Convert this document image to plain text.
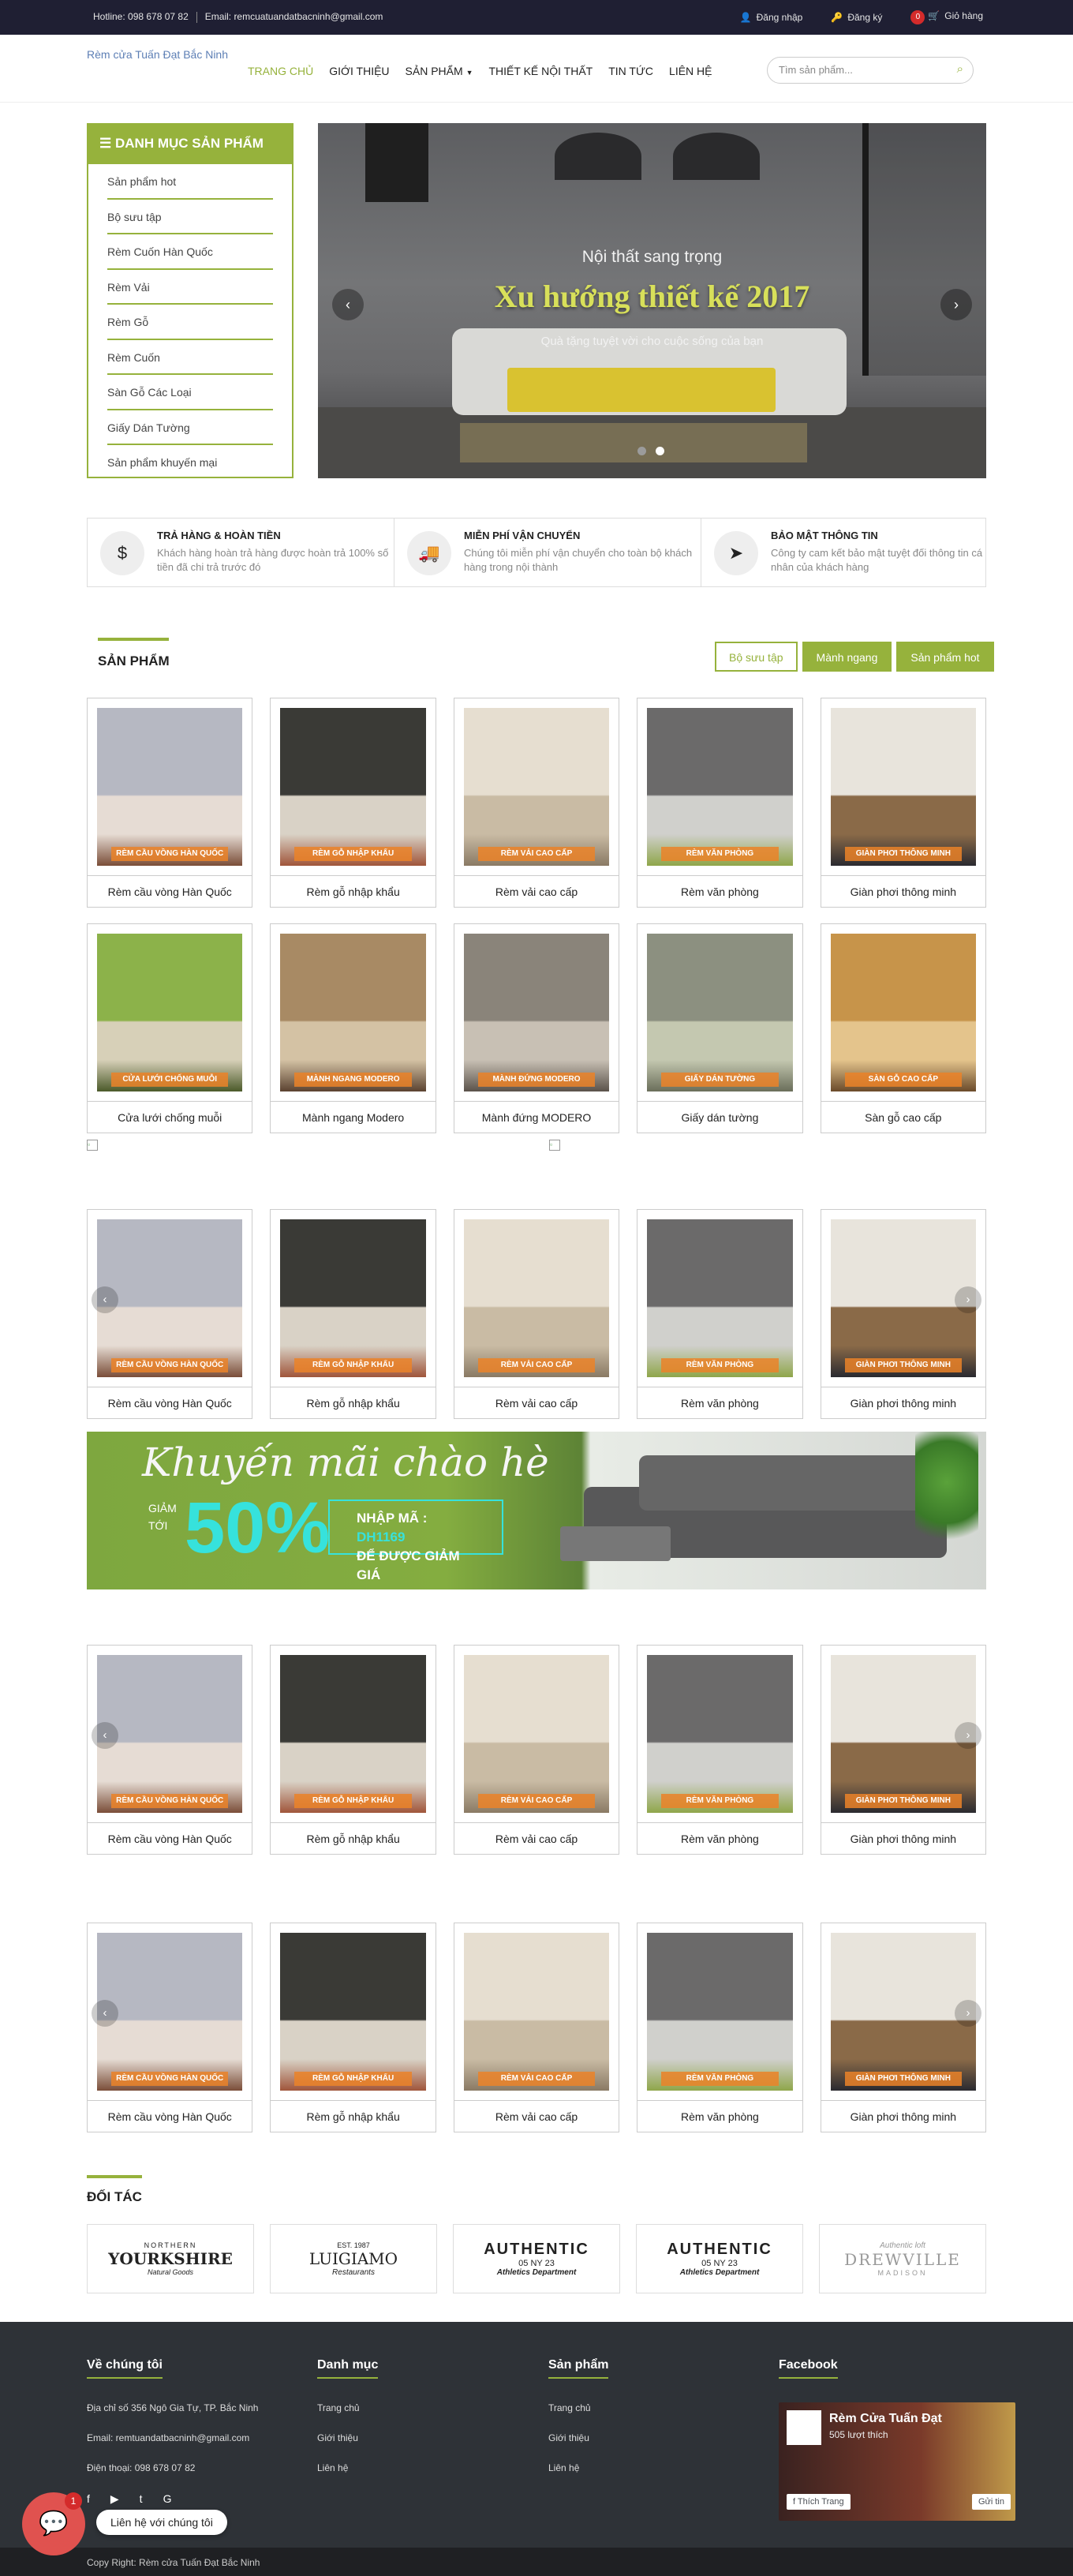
Hotline: 098 678 07 82 Email: remcuatuandatbacninh@gmail.com	👤 Đăng nhập	🔑 Đăng ký	0 🛒 Giỏ hàng
Rèm cửa Tuấn Đạt Bắc Ninh
TRANG CHỦ GIỚI THIỆU SẢN PHẨM ▼ THIẾT KẾ NỘI THẤT TIN TỨC LIÊN HỆ	Tìm sản phẩm...	⌕
☰ DANH MỤC SẢN PHẨM
Sản phẩm hot
Bộ sưu tập
Rèm Cuốn Hàn Quốc
Rèm Vải
Rèm Gỗ
Rèm Cuốn
Sàn Gỗ Các Loại
Giấy Dán Tường
Sản phẩm khuyến mại
Nội thất sang trọng
Xu hướng thiết kế 2017
Quà tặng tuyệt vời cho cuộc sống của bạn
‹	›
$
TRẢ HÀNG & HOÀN TIỀN
Khách hàng hoàn trả hàng được hoàn trả 100% số tiền đã chi trả trước đó
🚚
MIỄN PHÍ VẬN CHUYỂN
Chúng tôi miễn phí vận chuyển cho toàn bộ khách hàng trong nội thành
➤
BẢO MẬT THÔNG TIN
Công ty cam kết bảo mật tuyệt đối thông tin cá nhân của khách hàng
SẢN PHẨM	Bộ sưu tập	Mành ngang	Sản phẩm hot
RÈM CẦU VỒNG HÀN QUỐC
Rèm cầu vòng Hàn Quốc
RÈM GỖ NHẬP KHẨU
Rèm gỗ nhập khẩu
RÈM VẢI CAO CẤP
Rèm vải cao cấp
RÈM VĂN PHÒNG
Rèm văn phòng
GIÀN PHƠI THÔNG MINH
Giàn phơi thông minh
CỬA LƯỚI CHỐNG MUỖI
Cửa lưới chống muỗi
MÀNH NGANG MODERO
Mành ngang Modero
MÀNH ĐỨNG MODERO
Mành đứng MODERO
GIẤY DÁN TƯỜNG
Giấy dán tường
SÀN GỖ CAO CẤP
Sàn gỗ cao cấp
RÈM CẦU VỒNG HÀN QUỐC
Rèm cầu vòng Hàn Quốc
RÈM GỖ NHẬP KHẨU
Rèm gỗ nhập khẩu
RÈM VẢI CAO CẤP
Rèm vải cao cấp
RÈM VĂN PHÒNG
Rèm văn phòng
GIÀN PHƠI THÔNG MINH
Giàn phơi thông minh
‹	›
RÈM CẦU VỒNG HÀN QUỐC
Rèm cầu vòng Hàn Quốc
RÈM GỖ NHẬP KHẨU
Rèm gỗ nhập khẩu
RÈM VẢI CAO CẤP
Rèm vải cao cấp
RÈM VĂN PHÒNG
Rèm văn phòng
GIÀN PHƠI THÔNG MINH
Giàn phơi thông minh
‹	›
RÈM CẦU VỒNG HÀN QUỐC
Rèm cầu vòng Hàn Quốc
RÈM GỖ NHẬP KHẨU
Rèm gỗ nhập khẩu
RÈM VẢI CAO CẤP
Rèm vải cao cấp
RÈM VĂN PHÒNG
Rèm văn phòng
GIÀN PHƠI THÔNG MINH
Giàn phơi thông minh
‹	›
▫	▫
Khuyến mãi chào hè
GIẢM
TỚI 50%	NHẬP MÃ : DH1169
ĐỂ ĐƯỢC GIẢM GIÁ
ĐỐI TÁC
NORTHERN
YOURKSHIRE
Natural Goods
EST. 1987
LUIGIAMO
Restaurants
AUTHENTIC
05 NY 23
Athletics Department
AUTHENTIC
05 NY 23
Athletics Department
Authentic loft
DREWVILLE
MADISON
Về chúng tôi
Địa chỉ số 356 Ngô Gia Tự, TP. Bắc Ninh
Email: remtuandatbacninh@gmail.com
Điện thoại: 098 678 07 82
f ▶ t G
Danh mục
Trang chủ
Giới thiệu
Liên hệ
Sản phẩm
Trang chủ
Giới thiệu
Liên hệ
Facebook
Rèm Cửa Tuấn Đạt
505 lượt thích
f Thích Trang	Gửi tin
Copy Right: Rèm cửa Tuấn Đạt Bắc Ninh
💬
1
Liên hệ với chúng tôi
